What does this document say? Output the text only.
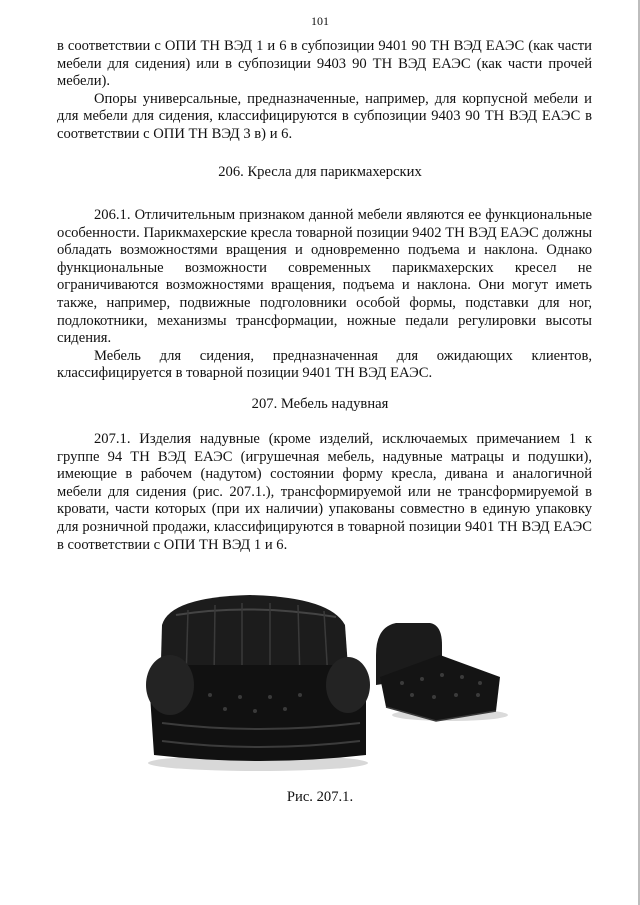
101

в соответствии с ОПИ ТН ВЭД 1 и 6 в субпозиции 9401 90 ТН ВЭД ЕАЭС (как части мебели для сидения) или в субпозиции 9403 90 ТН ВЭД ЕАЭС (как части прочей мебели).

Опоры универсальные, предназначенные, например, для корпусной мебели и для мебели для сидения, классифицируются в субпозиции 9403 90 ТН ВЭД ЕАЭС в соответствии с ОПИ ТН ВЭД 3 в) и 6.

206. Кресла для парикмахерских

206.1. Отличительным признаком данной мебели являются ее функциональные особенности. Парикмахерские кресла товарной позиции 9402 ТН ВЭД ЕАЭС должны обладать возможностями вращения и одновременно подъема и наклона. Однако функциональные возможности современных парикмахерских кресел не ограничиваются возможностями вращения, подъема и наклона. Они могут иметь также, например, подвижные подголовники особой формы, подставки для ног, подлокотники, механизмы трансформации, ножные педали регулировки высоты сидения.

Мебель для сидения, предназначенная для ожидающих клиентов, классифицируется в товарной позиции 9401 ТН ВЭД ЕАЭС.

207. Мебель надувная

207.1. Изделия надувные (кроме изделий, исключаемых примечанием 1 к группе 94 ТН ВЭД ЕАЭС (игрушечная мебель, надувные матрацы и подушки), имеющие в рабочем (надутом) состоянии форму кресла, дивана и аналогичной мебели для сидения (рис. 207.1.), трансформируемой или не трансформируемой в кровати, части которых (при их наличии) упакованы совместно в единую упаковку для розничной продажи, классифицируются в товарной позиции 9401 ТН ВЭД ЕАЭС в соответствии с ОПИ ТН ВЭД 1 и 6.

Рис. 207.1.
